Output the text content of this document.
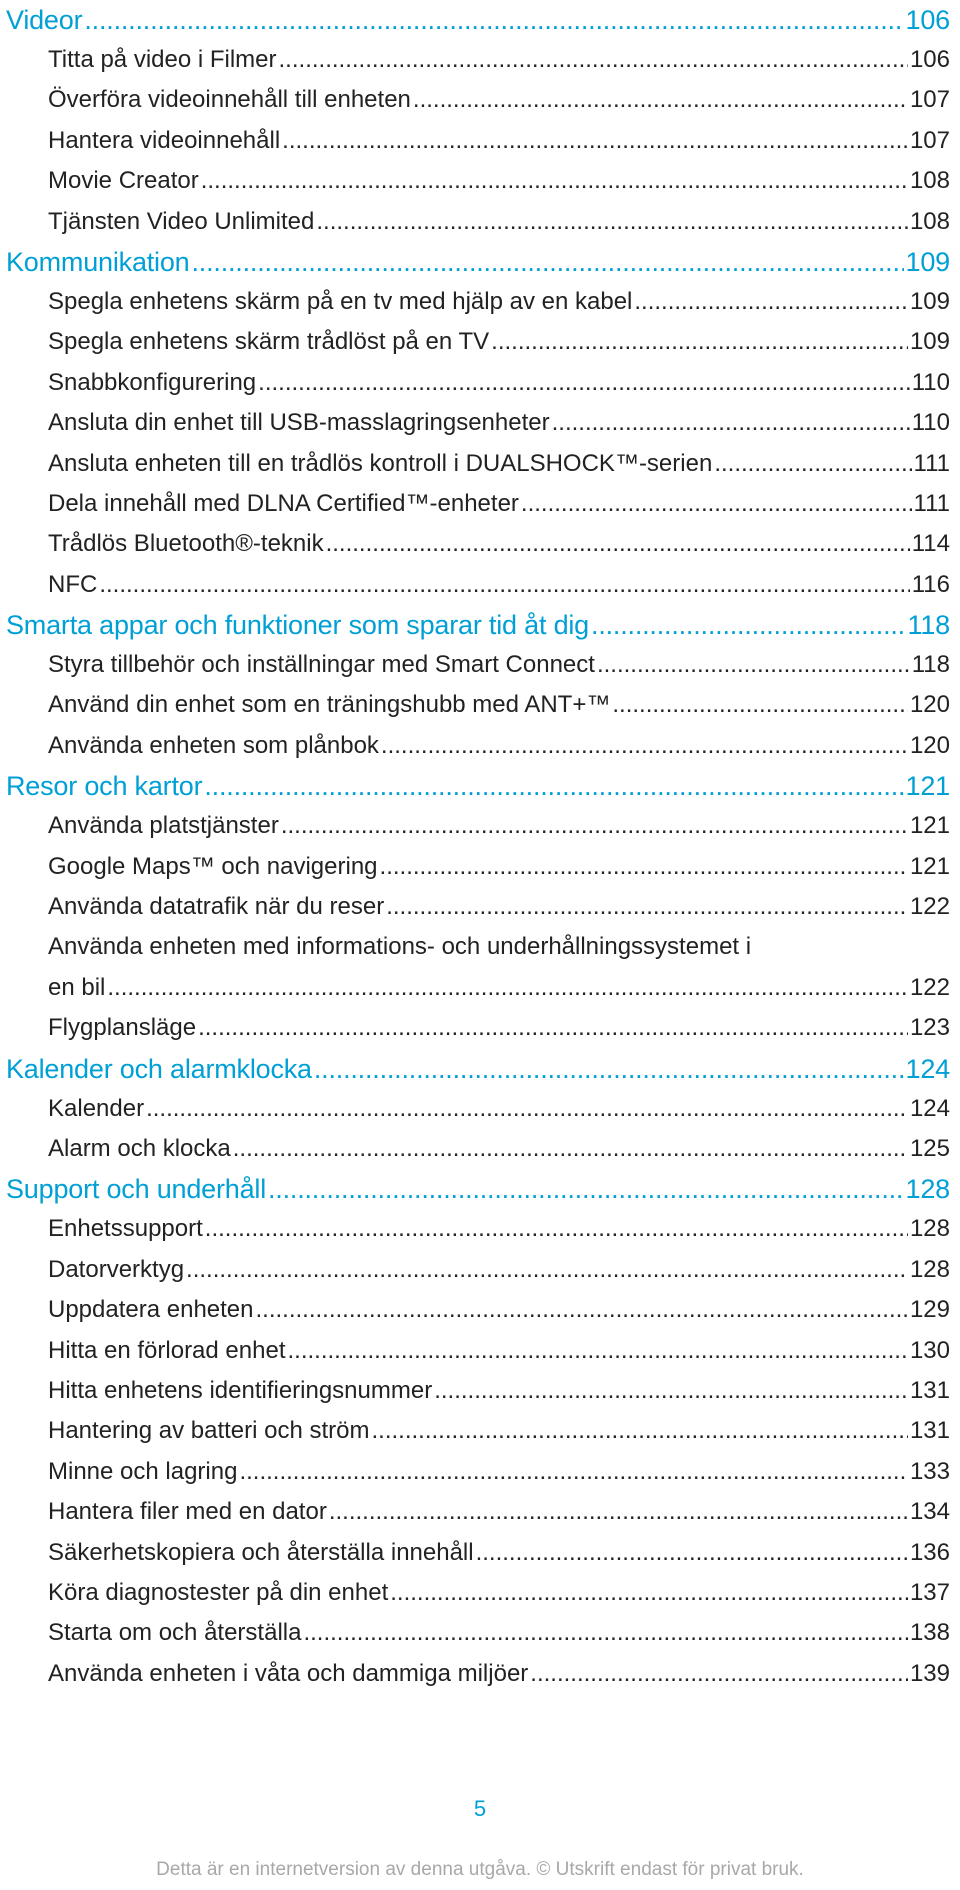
Videor .....	106
Titta på video i Filmer .....	106
Överföra videoinnehåll till enheten .....	107
Hantera videoinnehåll .....	107
Movie Creator .....	108
Tjänsten Video Unlimited .....	108
Kommunikation .....	109
Spegla enhetens skärm på en tv med hjälp av en kabel .....	109
Spegla enhetens skärm trådlöst på en TV .....	109
Snabbkonfigurering .....	110
Ansluta din enhet till USB-masslagringsenheter .....	110
Ansluta enheten till en trådlös kontroll i DUALSHOCK™-serien .....	111
Dela innehåll med DLNA Certified™-enheter .....	111
Trådlös Bluetooth®-teknik .....	114
NFC .....	116
Smarta appar och funktioner som sparar tid åt dig .....	118
Styra tillbehör och inställningar med Smart Connect .....	118
Använd din enhet som en träningshubb med ANT+™ .....	120
Använda enheten som plånbok .....	120
Resor och kartor .....	121
Använda platstjänster .....	121
Google Maps™ och navigering .....	121
Använda datatrafik när du reser .....	122
Använda enheten med informations- och underhållningssystemet i
en bil .....	122
Flygplansläge .....	123
Kalender och alarmklocka .....	124
Kalender .....	124
Alarm och klocka .....	125
Support och underhåll .....	128
Enhetssupport .....	128
Datorverktyg .....	128
Uppdatera enheten .....	129
Hitta en förlorad enhet .....	130
Hitta enhetens identifieringsnummer .....	131
Hantering av batteri och ström .....	131
Minne och lagring .....	133
Hantera filer med en dator .....	134
Säkerhetskopiera och återställa innehåll .....	136
Köra diagnostester på din enhet .....	137
Starta om och återställa .....	138
Använda enheten i våta och dammiga miljöer .....	139
5
Detta är en internetversion av denna utgåva. © Utskrift endast för privat bruk.
